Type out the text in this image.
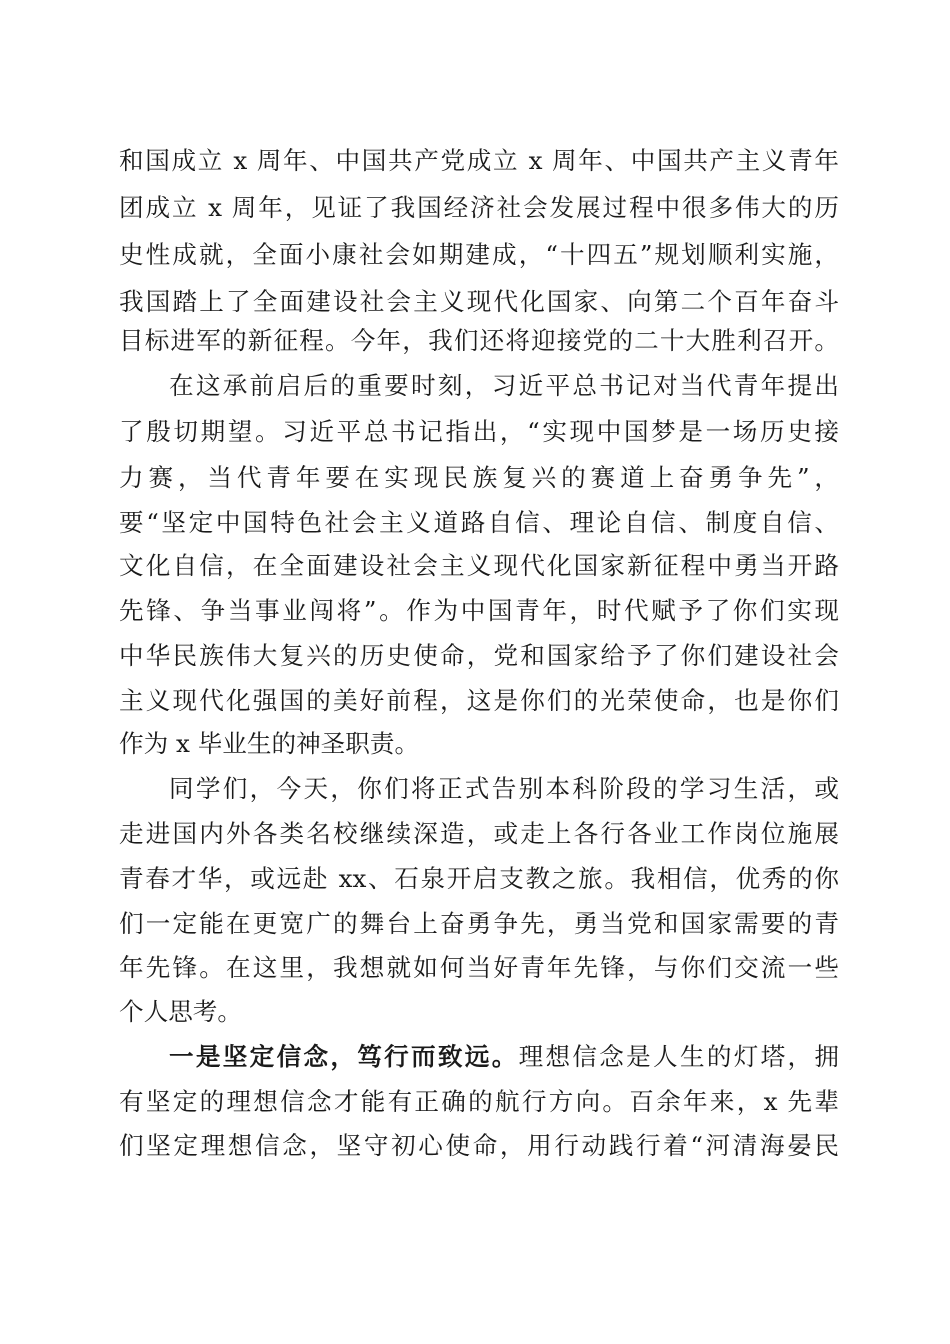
和国成立 x 周年、中国共产党成立 x 周年、中国共产主义青年
团成立 x 周年，见证了我国经济社会发展过程中很多伟大的历
史性成就，全面小康社会如期建成，“十四五”规划顺利实施，
我国踏上了全面建设社会主义现代化国家、向第二个百年奋斗
目标进军的新征程。今年，我们还将迎接党的二十大胜利召开。
在这承前启后的重要时刻，习近平总书记对当代青年提出
了殷切期望。习近平总书记指出，“实现中国梦是一场历史接
力赛，当代青年要在实现民族复兴的赛道上奋勇争先”，
要“坚定中国特色社会主义道路自信、理论自信、制度自信、
文化自信，在全面建设社会主义现代化国家新征程中勇当开路
先锋、争当事业闯将”。作为中国青年，时代赋予了你们实现
中华民族伟大复兴的历史使命，党和国家给予了你们建设社会
主义现代化强国的美好前程，这是你们的光荣使命，也是你们
作为 x 毕业生的神圣职责。
同学们，今天，你们将正式告别本科阶段的学习生活，或
走进国内外各类名校继续深造，或走上各行各业工作岗位施展
青春才华，或远赴 xx、石泉开启支教之旅。我相信，优秀的你
们一定能在更宽广的舞台上奋勇争先，勇当党和国家需要的青
年先锋。在这里，我想就如何当好青年先锋，与你们交流一些
个人思考。
一是坚定信念，笃行而致远。理想信念是人生的灯塔，拥
有坚定的理想信念才能有正确的航行方向。百余年来，x 先辈
们坚定理想信念，坚守初心使命，用行动践行着“河清海晏民
